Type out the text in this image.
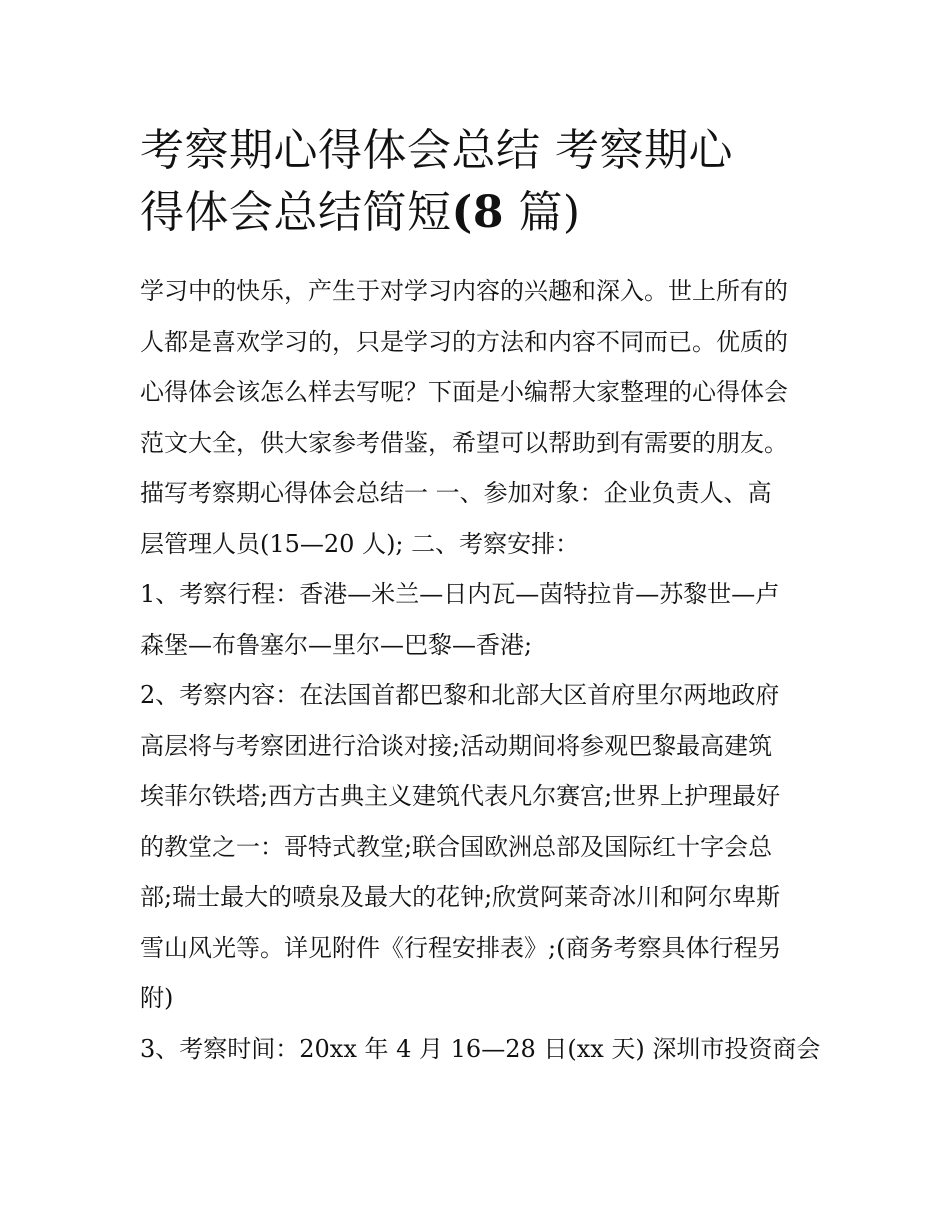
考察期心得体会总结 考察期心
得体会总结简短(8 篇)

学习中的快乐，产生于对学习内容的兴趣和深入。世上所有的
人都是喜欢学习的，只是学习的方法和内容不同而已。优质的
心得体会该怎么样去写呢？下面是小编帮大家整理的心得体会
范文大全，供大家参考借鉴，希望可以帮助到有需要的朋友。
描写考察期心得体会总结一 一、参加对象：企业负责人、高
层管理人员(15—20 人); 二、考察安排：

1、考察行程：香港—米兰—日内瓦—茵特拉肯—苏黎世—卢
森堡—布鲁塞尔—里尔—巴黎—香港;

2、考察内容：在法国首都巴黎和北部大区首府里尔两地政府
高层将与考察团进行洽谈对接;活动期间将参观巴黎最高建筑
埃菲尔铁塔;西方古典主义建筑代表凡尔赛宫;世界上护理最好
的教堂之一：哥特式教堂;联合国欧洲总部及国际红十字会总
部;瑞士最大的喷泉及最大的花钟;欣赏阿莱奇冰川和阿尔卑斯
雪山风光等。详见附件《行程安排表》;(商务考察具体行程另
附)

3、考察时间：20xx 年 4 月 16—28 日(xx 天) 深圳市投资商会
